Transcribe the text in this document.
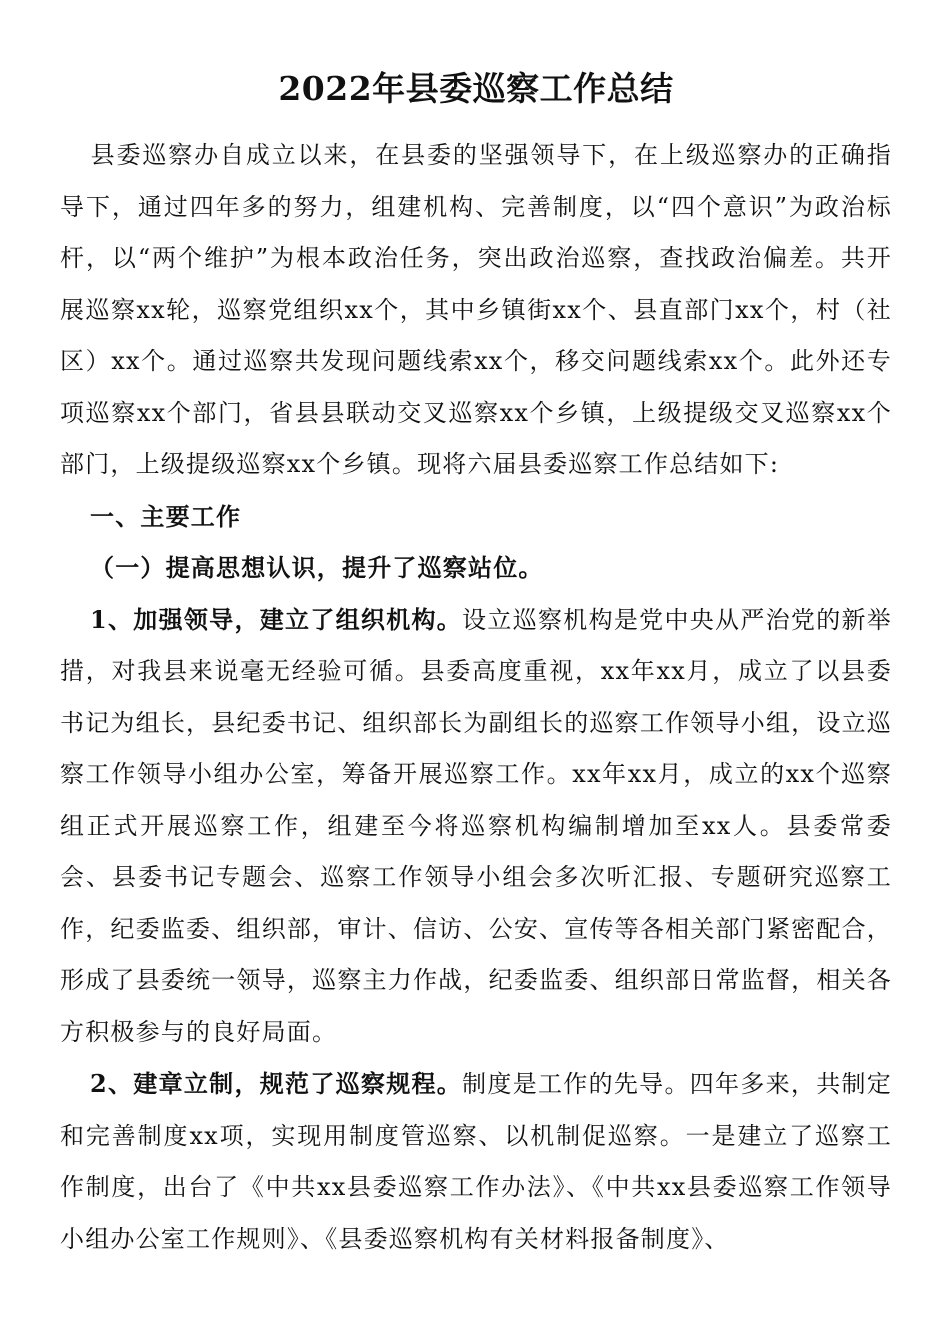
2022年县委巡察工作总结

县委巡察办自成立以来，在县委的坚强领导下，在上级巡察办的正确指导下，通过四年多的努力，组建机构、完善制度，以“四个意识”为政治标杆，以“两个维护”为根本政治任务，突出政治巡察，查找政治偏差。共开展巡察xx轮，巡察党组织xx个，其中乡镇街xx个、县直部门xx个，村（社区）xx个。通过巡察共发现问题线索xx个，移交问题线索xx个。此外还专项巡察xx个部门，省县县联动交叉巡察xx个乡镇，上级提级交叉巡察xx个部门，上级提级巡察xx个乡镇。现将六届县委巡察工作总结如下:

一、主要工作

（一）提高思想认识，提升了巡察站位。

1、加强领导，建立了组织机构。设立巡察机构是党中央从严治党的新举措，对我县来说毫无经验可循。县委高度重视，xx年xx月，成立了以县委书记为组长，县纪委书记、组织部长为副组长的巡察工作领导小组，设立巡察工作领导小组办公室，筹备开展巡察工作。xx年xx月，成立的xx个巡察组正式开展巡察工作，组建至今将巡察机构编制增加至xx人。县委常委会、县委书记专题会、巡察工作领导小组会多次听汇报、专题研究巡察工作，纪委监委、组织部，审计、信访、公安、宣传等各相关部门紧密配合，形成了县委统一领导，巡察主力作战，纪委监委、组织部日常监督，相关各方积极参与的良好局面。

2、建章立制，规范了巡察规程。制度是工作的先导。四年多来，共制定和完善制度xx项，实现用制度管巡察、以机制促巡察。一是建立了巡察工作制度，出台了《中共xx县委巡察工作办法》、《中共xx县委巡察工作领导小组办公室工作规则》、《县委巡察机构有关材料报备制度》、
